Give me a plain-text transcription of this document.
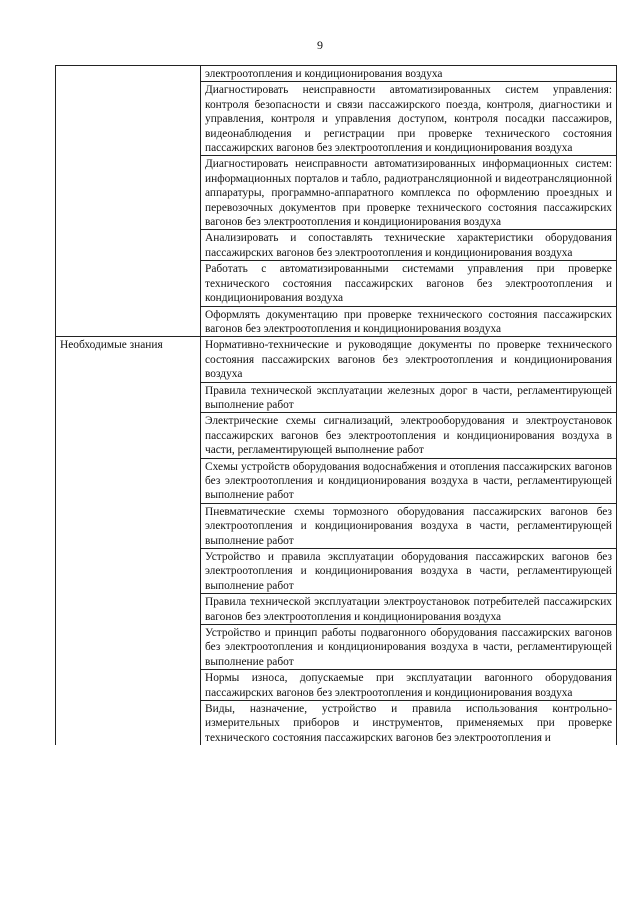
9
	электроотопления и кондиционирования воздуха
	Диагностировать неисправности автоматизированных систем управления: контроля безопасности и связи пассажирского поезда, контроля, диагностики и управления, контроля и управления доступом, контроля посадки пассажиров, видеонаблюдения и регистрации при проверке технического состояния пассажирских вагонов без электроотопления и кондиционирования воздуха
	Диагностировать неисправности автоматизированных информационных систем: информационных порталов и табло, радиотрансляционной и видеотрансляционной аппаратуры, программно-аппаратного комплекса по оформлению проездных и перевозочных документов при проверке технического состояния пассажирских вагонов без электроотопления и кондиционирования воздуха
	Анализировать и сопоставлять технические характеристики оборудования пассажирских вагонов без электроотопления и кондиционирования воздуха
	Работать с автоматизированными системами управления при проверке технического состояния пассажирских вагонов без электроотопления и кондиционирования воздуха
	Оформлять документацию при проверке технического состояния пассажирских вагонов без электроотопления и кондиционирования воздуха
Необходимые знания	Нормативно-технические и руководящие документы по проверке технического состояния пассажирских вагонов без электроотопления и кондиционирования воздуха
	Правила технической эксплуатации железных дорог в части, регламентирующей выполнение работ
	Электрические схемы сигнализаций, электрооборудования и электроустановок пассажирских вагонов без электроотопления и кондиционирования воздуха в части, регламентирующей выполнение работ
	Схемы устройств оборудования водоснабжения и отопления пассажирских вагонов без электроотопления и кондиционирования воздуха в части, регламентирующей выполнение работ
	Пневматические схемы тормозного оборудования пассажирских вагонов без электроотопления и кондиционирования воздуха в части, регламентирующей выполнение работ
	Устройство и правила эксплуатации оборудования пассажирских вагонов без электроотопления и кондиционирования воздуха в части, регламентирующей выполнение работ
	Правила технической эксплуатации электроустановок потребителей пассажирских вагонов без электроотопления и кондиционирования воздуха
	Устройство и принцип работы подвагонного оборудования пассажирских вагонов без электроотопления и кондиционирования воздуха в части, регламентирующей выполнение работ
	Нормы износа, допускаемые при эксплуатации вагонного оборудования пассажирских вагонов без электроотопления и кондиционирования воздуха
	Виды, назначение, устройство и правила использования контрольно-измерительных приборов и инструментов, применяемых при проверке технического состояния пассажирских вагонов без электроотопления и
